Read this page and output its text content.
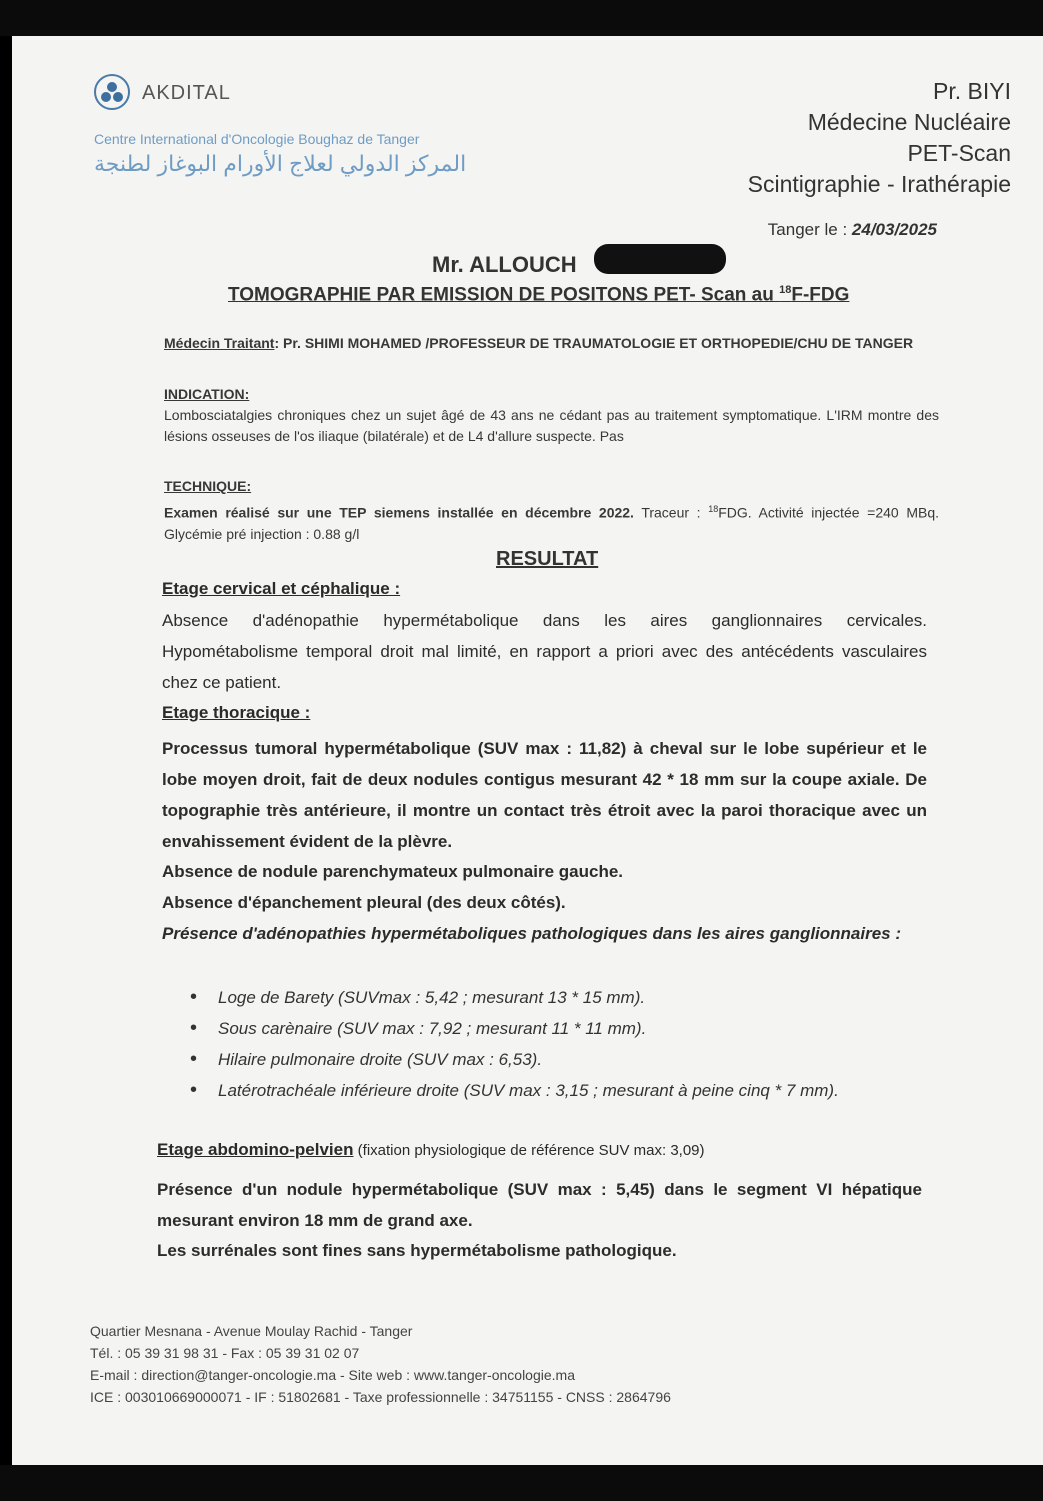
AKDITAL
Centre International d'Oncologie Boughaz de Tanger
المركز الدولي لعلاج الأورام البوغاز لطنجة
Pr. BIYI
Médecine Nucléaire
PET-Scan
Scintigraphie - Irathérapie
Tanger le : 24/03/2025
Mr. ALLOUCH
TOMOGRAPHIE PAR EMISSION DE POSITONS PET- Scan au $^{18}$F-FDG
Médecin Traitant: Pr. SHIMI MOHAMED /PROFESSEUR DE TRAUMATOLOGIE ET ORTHOPEDIE/CHU DE TANGER
INDICATION:
Lombosciatalgies chroniques chez un sujet âgé de 43 ans ne cédant pas au traitement symptomatique. L'IRM montre des lésions osseuses de l'os iliaque (bilatérale) et de L4 d'allure suspecte. Pas
TECHNIQUE:
Examen réalisé sur une TEP siemens installée en décembre 2022. Traceur : $^{18}$FDG. Activité injectée =240 MBq. Glycémie pré injection : 0.88 g/l
RESULTAT
Etage cervical et céphalique :
Absence d'adénopathie hypermétabolique dans les aires ganglionnaires cervicales. Hypométabolisme temporal droit mal limité, en rapport a priori avec des antécédents vasculaires chez ce patient.
Etage thoracique :
Processus tumoral hypermétabolique (SUV max : 11,82) à cheval sur le lobe supérieur et le lobe moyen droit, fait de deux nodules contigus mesurant 42 * 18 mm sur la coupe axiale. De topographie très antérieure, il montre un contact très étroit avec la paroi thoracique avec un envahissement évident de la plèvre.
Absence de nodule parenchymateux pulmonaire gauche.
Absence d'épanchement pleural (des deux côtés).
Présence d'adénopathies hypermétaboliques pathologiques dans les aires ganglionnaires :
• Loge de Barety (SUVmax : 5,42 ; mesurant 13 * 15 mm).
• Sous carènaire (SUV max : 7,92 ; mesurant 11 * 11 mm).
• Hilaire pulmonaire droite (SUV max : 6,53).
• Latérotrachéale inférieure droite (SUV max : 3,15 ; mesurant à peine cinq * 7 mm).
Etage abdomino-pelvien (fixation physiologique de référence SUV max: 3,09)
Présence d'un nodule hypermétabolique (SUV max : 5,45) dans le segment VI hépatique mesurant environ 18 mm de grand axe.
Les surrénales sont fines sans hypermétabolisme pathologique.
Quartier Mesnana - Avenue Moulay Rachid - Tanger
Tél. : 05 39 31 98 31 - Fax : 05 39 31 02 07
E-mail : direction@tanger-oncologie.ma - Site web : www.tanger-oncologie.ma
ICE : 003010669000071 - IF : 51802681 - Taxe professionnelle : 34751155 - CNSS : 2864796
